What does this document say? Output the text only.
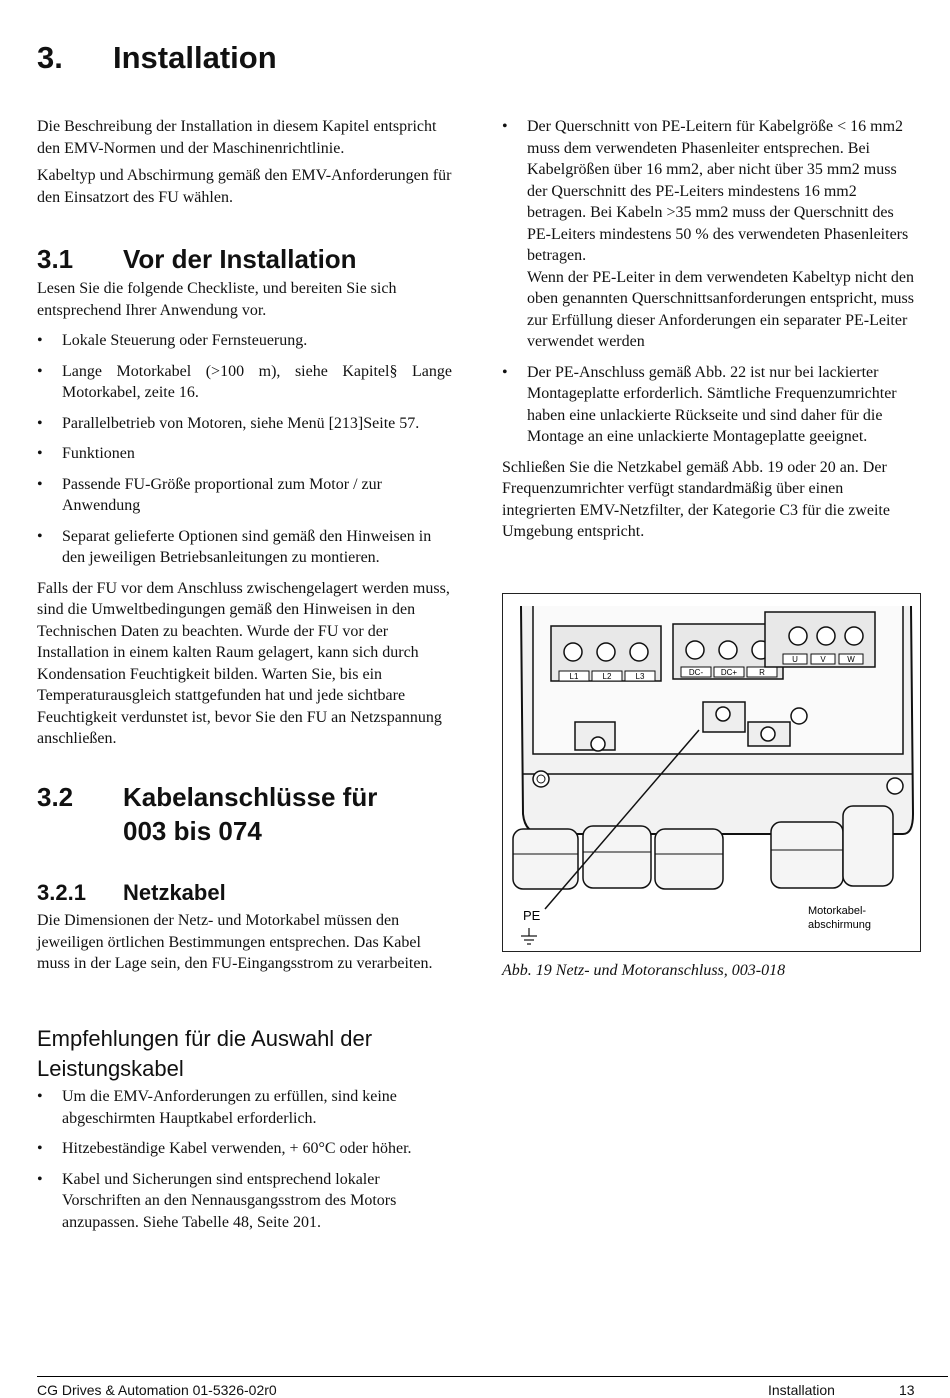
3. Installation

Die Beschreibung der Installation in diesem Kapitel entspricht den EMV-Normen und der Maschinenrichtlinie.

Kabeltyp und Abschirmung gemäß den EMV-Anforderungen für den Einsatzort des FU wählen.

3.1 Vor der Installation

Lesen Sie die folgende Checkliste, und bereiten Sie sich entsprechend Ihrer Anwendung vor.

• Lokale Steuerung oder Fernsteuerung.
• Lange Motorkabel (>100 m), siehe Kapitel§ Lange Motorkabel, zeite 16.
• Parallelbetrieb von Motoren, siehe Menü [213]Seite 57.
• Funktionen
• Passende FU-Größe proportional zum Motor / zur Anwendung
• Separat gelieferte Optionen sind gemäß den Hinweisen in den jeweiligen Betriebsanleitungen zu montieren.

Falls der FU vor dem Anschluss zwischengelagert werden muss, sind die Umweltbedingungen gemäß den Hinweisen in den Technischen Daten zu beachten. Wurde der FU vor der Installation in einem kalten Raum gelagert, kann sich durch Kondensation Feuchtigkeit bilden. Warten Sie, bis ein Temperaturausgleich stattgefunden hat und jede sichtbare Feuchtigkeit verdunstet ist, bevor Sie den FU an Netzspannung anschließen.

3.2 Kabelanschlüsse für
003 bis 074
3.2.1 Netzkabel

Die Dimensionen der Netz- und Motorkabel müssen den jeweiligen örtlichen Bestimmungen entsprechen. Das Kabel muss in der Lage sein, den FU-Eingangsstrom zu verarbeiten.

Empfehlungen für die Auswahl der Leistungskabel
• Um die EMV-Anforderungen zu erfüllen, sind keine abgeschirmten Hauptkabel erforderlich.
• Hitzebeständige Kabel verwenden, + 60°C oder höher.
• Kabel und Sicherungen sind entsprechend lokaler Vorschriften an den Nennausgangsstrom des Motors anzupassen. Siehe Tabelle 48, Seite 201.
• Der Querschnitt von PE-Leitern für Kabelgröße < 16 mm2 muss dem verwendeten Phasenleiter entsprechen. Bei Kabelgrößen über 16 mm2, aber nicht über 35 mm2 muss der Querschnitt des PE-Leiters mindestens 16 mm2 betragen. Bei Kabeln >35 mm2 muss der Querschnitt des PE-Leiters mindestens 50 % des verwendeten Phasenleiters betragen.
Wenn der PE-Leiter in dem verwendeten Kabeltyp nicht den oben genannten Querschnittsanforderungen entspricht, muss zur Erfüllung dieser Anforderungen ein separater PE-Leiter verwendet werden
• Der PE-Anschluss gemäß Abb. 22 ist nur bei lackierter Montageplatte erforderlich. Sämtliche Frequenzumrichter haben eine unlackierte Rückseite und sind daher für die Montage an eine unlackierte Montageplatte geeignet.

Schließen Sie die Netzkabel gemäß Abb. 19 oder 20 an. Der Frequenzumrichter verfügt standardmäßig über einen integrierten EMV-Netzfilter, der Kategorie C3 für die zweite Umgebung entspricht.

L1	L2	L3	DC- DC+	R
U	V	W
PE	Motorkabel-
abschirmung
Abb. 19 Netz- und Motoranschluss, 003-018
CG Drives & Automation 01-5326-02r0	Installation	13
